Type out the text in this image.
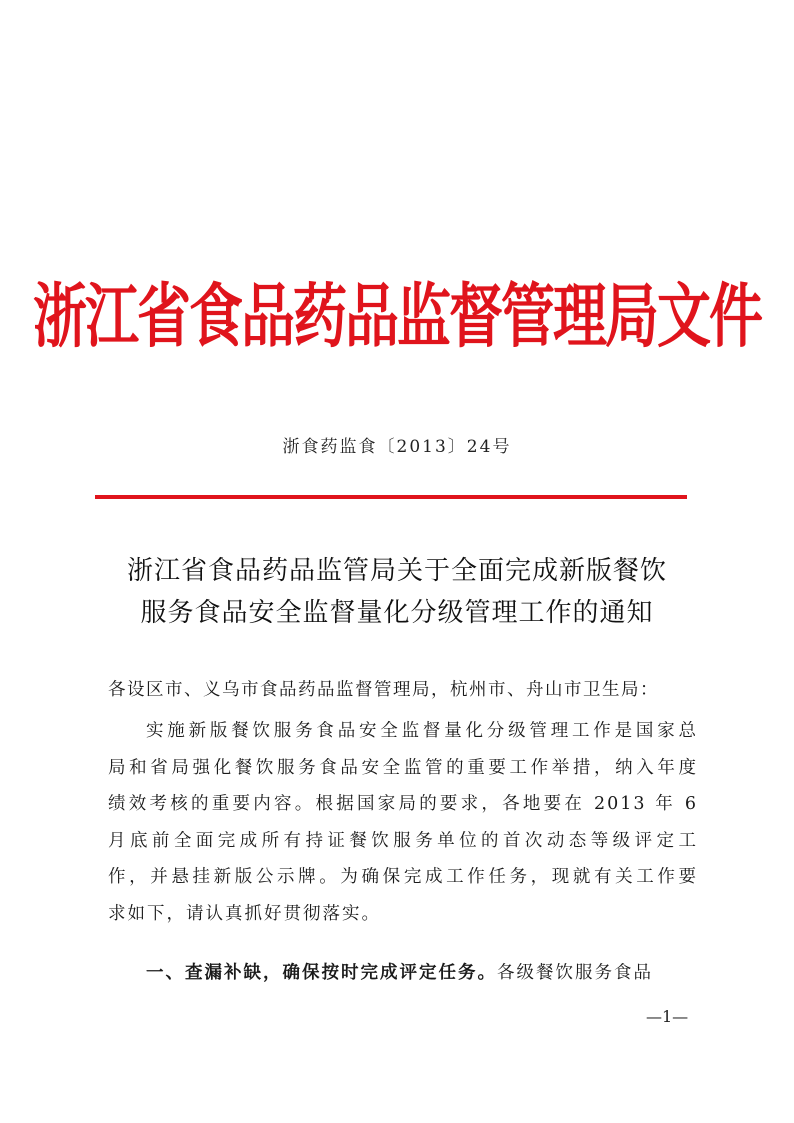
浙江省食品药品监督管理局文件
浙食药监食〔2013〕24号
浙江省食品药品监管局关于全面完成新版餐饮
服务食品安全监督量化分级管理工作的通知
各设区市、义乌市食品药品监督管理局，杭州市、舟山市卫生局：
实施新版餐饮服务食品安全监督量化分级管理工作是国家总
局和省局强化餐饮服务食品安全监管的重要工作举措，纳入年度
绩效考核的重要内容。根据国家局的要求，各地要在 2013 年 6
月底前全面完成所有持证餐饮服务单位的首次动态等级评定工
作，并悬挂新版公示牌。为确保完成工作任务，现就有关工作要
求如下，请认真抓好贯彻落实。
一、查漏补缺，确保按时完成评定任务。各级餐饮服务食品
—1—
